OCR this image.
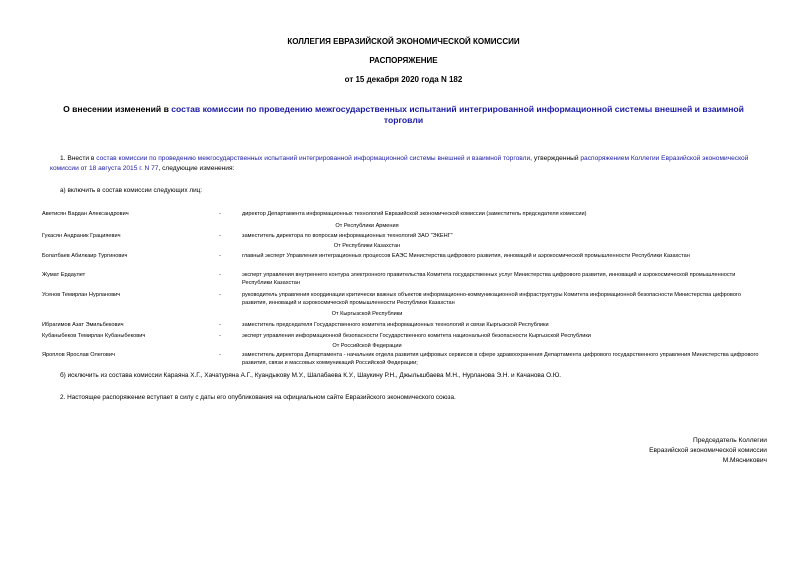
КОЛЛЕГИЯ ЕВРАЗИЙСКОЙ ЭКОНОМИЧЕСКОЙ КОМИССИИ
РАСПОРЯЖЕНИЕ
от 15 декабря 2020 года N 182
О внесении изменений в состав комиссии по проведению межгосударственных испытаний интегрированной информационной системы внешней и взаимной торговли
1. Внести в состав комиссии по проведению межгосударственных испытаний интегрированной информационной системы внешней и взаимной торговли, утвержденный распоряжением Коллегии Евразийской экономической комиссии от 18 августа 2015 г. N 77, следующие изменения:
а) включить в состав комиссии следующих лиц:
Аветисян Вардан Александрович	-	директор Департамента информационных технологий Евразийской экономической комиссии (заместитель председателя комиссии)
От Республики Армения
Гукасян Андраник Грацияевич	-	заместитель директора по вопросам информационных технологий ЗАО "ЭКЕНГ"
От Республики Казахстан
Болатбаев Абилкаир Тургинович	-	главный эксперт Управления интеграционных процессов ЕАЭС Министерства цифрового развития, инноваций и аэрокосмической промышленности Республики Казахстан
Жумат Ердаулет	-	эксперт управления внутреннего контура электронного правительства Комитета государственных услуг Министерства цифрового развития, инноваций и аэрокосмической промышленности Республики Казахстан
Усенов Темирлан Нурланович	-	руководитель управления координации критически важных объектов информационно-коммуникационной инфраструктуры Комитета информационной безопасности Министерства цифрового развития, инноваций и аэрокосмической промышленности Республики Казахстан
От Кыргызской Республики
Ибрагимов Азат Эмильбекович	-	заместитель председателя Государственного комитета информационных технологий и связи Кыргызской Республики
Кубаныбеков Темирлан Кубаныбекович	-	эксперт управления информационной безопасности Государственного комитета национальной безопасности Кыргызской Республики
От Российской Федерации
Яроплов Ярослав Олегович	-	заместитель директора Департамента - начальник отдела развития цифровых сервисов в сфере здравоохранения Департамента цифрового государственного управления Министерства цифрового развития, связи и массовых коммуникаций Российской Федерации;
б) исключить из состава комиссии Караяна Х.Г., Хачатуряна А.Г., Куандыкову М.У., Шалабаева К.У., Шаукину Р.Н., Джылышбаева М.Н., Нурланова Э.Н. и Качанова О.Ю.
2. Настоящее распоряжение вступает в силу с даты его опубликования на официальном сайте Евразийского экономического союза.
Председатель Коллегии
Евразийской экономической комиссии
М.Мясникович
